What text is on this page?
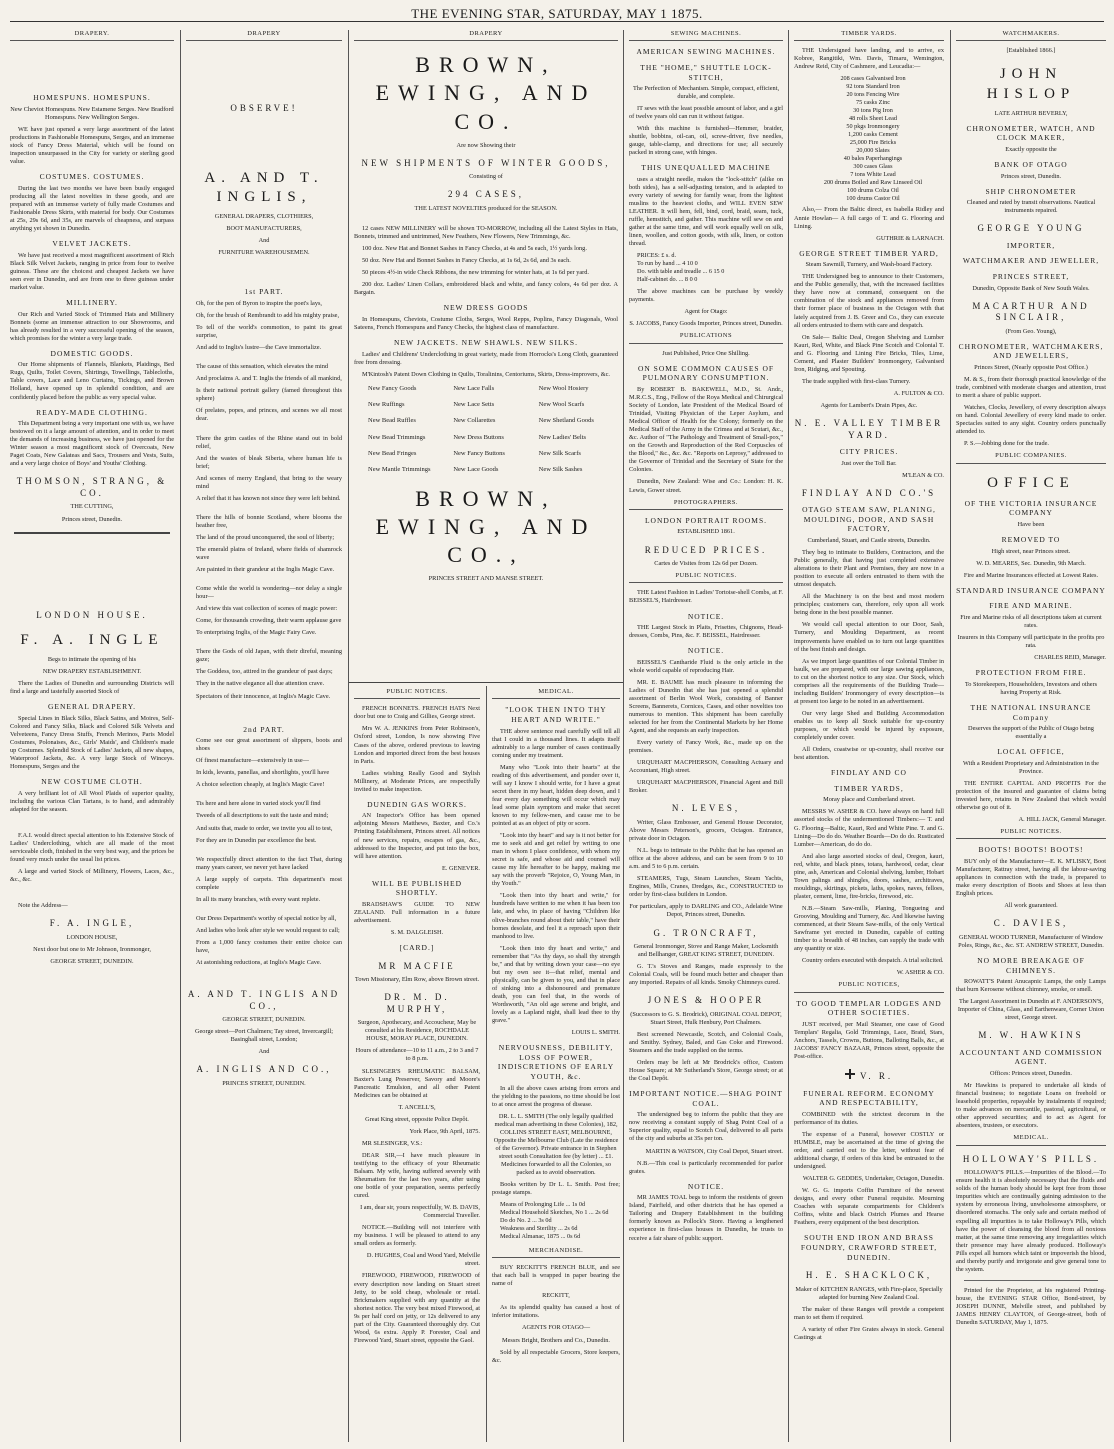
THE EVENING STAR, SATURDAY, MAY 1 1875.
DRAPERY.
HOMESPUNS. HOMESPUNS.

New Cheviot Homespuns. New Estamene Serges. New Bradford Homespuns. New Wellington Serges.

WE have just opened a very large assortment of the latest productions in Fashionable Homespuns, Serges, and an immense stock of Fancy Dress Material, which will be found on inspection unsurpassed in the City for variety or sterling good value.

COSTUMES. COSTUMES.

During the last two months we have been busily engaged producing all the latest novelties in these goods, and are prepared with an immense variety of fully made Costumes and Fashionable Dress Skirts, with material for body. Our Costumes at 25s, 29s 6d, and 35s, are marvels of cheapness, and surpass anything yet shown in Dunedin.

VELVET JACKETS.

We have just received a most magnificent assortment of Rich Black Silk Velvet Jackets, ranging in price from four to twelve guineas. These are the choicest and cheapest Jackets we have seen ever in Dunedin, and are from one to three guineas under market value.

MILLINERY.

Our Rich and Varied Stock of Trimmed Hats and Millinery Bonnets (some an immense attraction to our Showrooms, and has already resulted in a very successful opening of the season, which promises for the winter a very large trade.

DOMESTIC GOODS.

Our Home shipments of Flannels, Blankets, Plaidings, Bed Rugs, Quilts, Toilet Covers, Shirtings, Towellings, Tablecloths, Table covers, Lace and Leno Curtains, Tickings, and Brown Holland, have opened up in splendid condition, and are confidently placed before the public as very special value.

READY-MADE CLOTHING.

This Department being a very important one with us, we have bestowed on it a large amount of attention, and in order to meet the demands of increasing business, we have just opened for the Winter season a most magnificent stock of Overcoats, New Paget Coats, New Galateas and Sacs, Trousers and Vests, Suits, and a very large choice of Boys' and Youths' Clothing.

THOMSON, STRANG, & CO.

THE CUTTING,

Princes street, Dunedin.

LONDON HOUSE.
F. A. INGLE

Begs to intimate the opening of his

NEW DRAPERY ESTABLISHMENT.

There the Ladies of Dunedin and surrounding Districts will find a large and tastefully assorted Stock of

GENERAL DRAPERY.

Special Lines in Black Silks, Black Satins, and Moires, Self-Colored and Fancy Silks, Black and Colored Silk Velvets and Velveteens, Fancy Dress Stuffs, French Merinos, Paris Model Costumes, Polonaises, &c., Girls' Maids', and Children's made up Costumes. Splendid Stock of Ladies' Jackets, all new shapes, Waterproof Jackets, &c. A very large Stock of Winceys. Homespuns, Serges and the

NEW COSTUME CLOTH.

A very brilliant lot of All Wool Plaids of superior quality, including the various Clan Tartans, is to hand, and admirably adapted for the season.

F.A.I. would direct special attention to his Extensive Stock of Ladies' Underclothing, which are all made of the most serviceable cloth, finished in the very best way, and the prices be found very much under the usual list prices.

A large and varied Stock of Millinery, Flowers, Laces, &c., &c., &c.

Note the Address—

F. A. INGLE,

LONDON HOUSE,

Next door but one to Mr Johnson, Ironmonger,

GEORGE STREET, DUNEDIN.

DRAPERY
OBSERVE!
A. AND T. INGLIS,

GENERAL DRAPERS, CLOTHIERS,

BOOT MANUFACTURERS,

And

FURNITURE WAREHOUSEMEN.

1st PART.

Oh, for the pen of Byron to inspire the poet's lays,

Oh, for the brush of Rembrandt to add his mighty praise,

To tell of the world's commotion, to paint its great surprise,

And add to Inglis's lustre—the Cave immortalize.

The cause of this sensation, which elevates the mind

And proclaims A. and T. Inglis the friends of all mankind,

Is their national portrait gallery (famed throughout this sphere)

Of prelates, popes, and princes, and scenes we all most dear.

There the grim castles of the Rhine stand out in bold relief,

And the wastes of bleak Siberia, where human life is brief;

And scenes of merry England, that bring to the weary mind

A relief that it has known not since they were left behind.

There the hills of bonnie Scotland, where blooms the heather free,

The land of the proud unconquered, the soul of liberty;

The emerald plains of Ireland, where fields of shamrock wave

Are painted in their grandeur at the Inglis Magic Cave.

Come while the world is wondering—nor delay a single hour—

And view this vast collection of scenes of magic power:

Come, for thousands crowding, their warm applause gave

To enterprising Inglis, of the Magic Fairy Cave.

There the Gods of old Japan, with their direful, meaning gaze;

The Goddess, too, attired in the grandeur of past days;

They in the native elegance all due attention crave.

Spectators of their innocence, at Inglis's Magic Cave.

2nd PART.

Come see our great assortment of slippers, boots and shoes

Of finest manufacture—extensively in use—

In kids, levants, panellas, and shortlights, you'll have

A choice selection cheaply, at Inglis's Magic Cave!

Tis here and here alone in varied stock you'll find

Tweeds of all descriptions to suit the taste and mind;

And suits that, made to order, we invite you all to test,

For they are in Dunedin par excellence the best.

We respectfully direct attention to the fact That, during many years career, we never yet have lacked

A large supply of carpets. This department's most complete

In all its many branches, with every want replete.

Our Dress Department's worthy of special notice by all,

And ladies who look after style we would request to call;

From a 1,000 fancy costumes their entire choice can have,

At astonishing reductions, at Inglis's Magic Cave.

A. AND T. INGLIS AND CO.,

GEORGE STREET, DUNEDIN.

George street—Port Chalmers; Tay street, Invercargill; Basinghall street, London;

And

A. INGLIS AND CO.,

PRINCES STREET, DUNEDIN.

DRAPERY
BROWN, EWING, AND CO.

Are now Showing their

NEW SHIPMENTS OF WINTER GOODS,

Consisting of

294 CASES,

THE LATEST NOVELTIES produced for the SEASON.

12 cases NEW MILLINERY will be shown TO-MORROW, including all the Latest Styles in Hats, Bonnets, trimmed and untrimmed, New Feathers, New Flowers, New Trimmings, &c.

100 doz. New Hat and Bonnet Sashes in Fancy Checks, at 4s and 5s each, 1½ yards long.

50 doz. New Hat and Bonnet Sashes in Fancy Checks, at 1s 6d, 2s 6d, and 3s each.

50 pieces 4½-in wide Check Ribbons, the new trimming for winter hats, at 1s 6d per yard.

200 doz. Ladies' Linen Collars, embroidered black and white, and fancy colors, 4s 6d per doz. A Bargain.

NEW DRESS GOODS

In Homespuns, Cheviots, Costume Cloths, Serges, Wool Repps, Poplins, Fancy Diagonals, Wool Sateens, French Homespuns and Fancy Checks, the highest class of manufacture.

NEW JACKETS. NEW SHAWLS. NEW SILKS.

Ladies' and Childrens' Underclothing in great variety, made from Horrocks's Long Cloth, guaranteed free from dressing.

M'Kintosh's Patent Down Clothing in Quilts, Toralinins, Centoriums, Skirts, Dress-improvers, &c.

New Fancy Goods	New Lace Falls	New Wool Hosiery
New Ruffings	New Lace Setts	New Wool Scarfs
New Bead Ruffles	New Collarettes	New Shetland Goods
New Bead Trimmings	New Dress Buttons	New Ladies' Belts
New Bead Fringes	New Fancy Buttons	New Silk Scarfs
New Mantle Trimmings	New Lace Goods	New Silk Sashes
BROWN, EWING, AND CO.,

PRINCES STREET AND MANSE STREET.

PUBLIC NOTICES.

FRENCH BONNETS. FRENCH HATS Next door but one to Craig and Gillies, George street.

Mrs W. A. JENKINS from Peter Robinson's, Oxford street, London, Is now showing Five Cases of the above, ordered previous to leaving London and imported direct from the best houses in Paris.

Ladies wishing Really Good and Stylish Millinery, at Moderate Prices, are respectfully invited to make inspection.

DUNEDIN GAS WORKS.

AN Inspector's Office has been opened adjoining Messrs Matthews, Baxter, and Co.'s Printing Establishment, Princes street. All notices of new services, repairs, escapes of gas, &c., addressed to the Inspector, and put into the box, will have attention.

E. GENEVER.

WILL BE PUBLISHED SHORTLY.

BRADSHAW'S GUIDE TO NEW ZEALAND. Full information in a future advertisement.

S. M. DALGLEISH.

[CARD.]
MR MACFIE

Town Missionary, Elm Row, above Brown street.

DR. M. D. MURPHY,

Surgeon, Apothecary, and Accoucheur, May be consulted at his Residence, ROCHDALE HOUSE, MORAY PLACE, DUNEDIN.

Hours of attendance—10 to 11 a.m., 2 to 3 and 7 to 8 p.m.

SLESINGER'S RHEUMATIC BALSAM, Baxter's Lung Preserver, Savory and Moore's Pancreatic Emulsion, and all other Patent Medicines can be obtained at

T. ANCELL'S,

Great King street, opposite Police Depôt.

York Place, 9th April, 1875.

MR SLESINGER, V.S.:

DEAR SIR,—I have much pleasure in testifying to the efficacy of your Rheumatic Balsam. My wife, having suffered severely with Rheumatism for the last two years, after using one bottle of your preparation, seems perfectly cured.

I am, dear sir, yours respectfully, W. B. DAVIS, Commercial Traveller.

NOTICE.—Building will not interfere with my business. I will be pleased to attend to any small orders as formerly.

D. HUGHES, Coal and Wood Yard, Melville street.

FIREWOOD, FIREWOOD, FIREWOOD of every description now landing on Stuart street Jetty, to be sold cheap, wholesale or retail. Brickmakers supplied with any quantity at the shortest notice. The very best mixed Firewood, at 9s per half cord on jetty, or 12s delivered to any part of the City. Guaranteed thoroughly dry. Cut Wood, 6s extra. Apply P. Forester, Coal and Firewood Yard, Stuart street, opposite the Gaol.

MEDICAL.
"LOOK THEN INTO THY HEART AND WRITE."

THE above sentence read carefully will tell all that I could in a thousand lines. It adapts itself admirably to a large number of cases continually coming under my treatment.

Many who "Look into their hearts" at the reading of this advertisement, and ponder over it, will say I know I should write, for I have a great secret there in my heart, hidden deep down, and I fear every day something will occur which may lead some plain symptom and make that secret known to my fellow-men, and cause me to be pointed at as an object of pity or scorn.

"Look into thy heart" and say is it not better for me to seek aid and get relief by writing to one man in whom I place confidence, with whom my secret is safe, and whose aid and counsel will cause my life hereafter to be happy, making me say with the proverb "Rejoice, O, Young Man, in thy Youth."

"Look then into thy heart and write," for hundreds have written to me when it has been too late, and who, in place of having "Children like olive-branches round about their table," have their homes desolate, and feel it a reproach upon their manhood to live.

"Look then into thy heart and write," and remember that "As thy days, so shall thy strength be," and that by writing down your case—no eye but my own see it—that relief, mental and physically, can be given to you, and that in place of sinking into a dishonoured and premature death, you can feel that, in the words of Wordsworth, "An old age serene and bright, and lovely as a Lapland night, shall lead thee to thy grave."

LOUIS L. SMITH.

NERVOUSNESS, DEBILITY, LOSS OF POWER, INDISCRETIONS OF EARLY YOUTH, &c.

In all the above cases arising from errors and the yielding to the passions, no time should be lost to at once arrest the progress of disease.

DR. L. L. SMITH (The only legally qualified medical man advertising in these Colonies), 182, COLLINS STREET EAST, MELBOURNE, Opposite the Melbourne Club (Late the residence of the Governor). Private entrance in in Stephen street south Consultation fee (by letter) ... £1. Medicines forwarded to all the Colonies, so packed as to avoid observation.

Books written by Dr L. L. Smith. Post free; postage stamps.

Means of Prolonging Life ... 1s 0d
Medical Household Sketches, No 1 ... 2s 6d
Do do No. 2 ... 3s 0d
Weakness and Sterility ... 2s 6d
Medical Almanac, 1875 ... 0s 6d
MERCHANDISE.

BUY RECKITT'S FRENCH BLUE, and see that each ball is wrapped in paper bearing the name of

RECKITT,

As its splendid quality has caused a host of inferior imitations.

AGENTS FOR OTAGO—

Messrs Bright, Brothers and Co., Dunedin.

Sold by all respectable Grocers, Store keepers, &c.

SEWING MACHINES.
AMERICAN SEWING MACHINES.
THE "HOME," SHUTTLE LOCK-STITCH,

The Perfection of Mechanism. Simple, compact, efficient, durable, and complete.

IT sews with the least possible amount of labor, and a girl of twelve years old can run it without fatigue.

With this machine is furnished—Hemmer, braider, shuttle, bobbins, oil-can, oil, screw-driver, five needles, gauge, table-clamp, and directions for use; all securely packed in strong case, with hinges.

THIS UNEQUALLED MACHINE

uses a straight needle, makes the "lock-stitch" (alike on both sides), has a self-adjusting tension, and is adapted to every variety of sewing for family wear, from the lightest muslins to the heaviest cloths, and WILL EVEN SEW LEATHER. It will hem, fell, bind, cord, braid, seam, tuck, ruffle, hemstitch, and gather. This machine will sew on and gather at the same time, and will work equally well on silk, linen, woollen, and cotton goods, with silk, linen, or cotton thread.

PRICES: £ s. d.
To run by hand ... 4 10 0
Do. with table and treadle ... 6 15 0
Half-cabinet do. ... 8 0 0

The above machines can be purchase by weekly payments.

Agent for Otago:

S. JACOBS, Fancy Goods Importer, Princes street, Dunedin.

PUBLICATIONS

Just Published, Price One Shilling.

ON SOME COMMON CAUSES OF PULMONARY CONSUMPTION.

By ROBERT B. BAKEWELL, M.D., St. Andr., M.R.C.S., Eng., Fellow of the Roya Medical and Chirurgical Society of London, late President of the Medical Board of Trinidad, Visiting Physician of the Leper Asylum, and Medical Officer of Health for the Colony; formerly on the Medical Staff of the Army in the Crimea and at Scutari, &c., &c. Author of "The Pathology and Treatment of Small-pox," on the Growth and Reproduction of the Red Corpuscles of the Blood," &c., &c. &c. "Reports on Leprosy," addressed to the Governor of Trinidad and the Secretary of State for the Colonies.

Dunedin, New Zealand: Wise and Co.: London: H. K. Lewis, Gower street.

PHOTOGRAPHERS.
LONDON PORTRAIT ROOMS.

ESTABLISHED 1861.

REDUCED PRICES.

Cartes de Visites from 12s 6d per Dozen.

PUBLIC NOTICES.

THE Latest Fashion in Ladies' Tortoise-shell Combs, at F. BEISSEL'S, Hairdresser.

NOTICE.

THE Largest Stock in Plaits, Frisettes, Chignons, Head-dresses, Combs, Pins, &c. F. BEISSEL, Hairdresser.

NOTICE.

BEISSEL'S Cantharide Fluid is the only article in the whole world capable of reproducing Hair.

MR. E. BAUME has much pleasure in informing the Ladies of Dunedin that she has just opened a splendid assortment of Berlin Wool Work, consisting of Banner Screens, Bannerets, Cornices, Cases, and other novelties too numerous to mention. This shipment has been carefully selected for her from the Continental Markets by her Home Agent, and she requests an early inspection.

Every variety of Fancy Work, &c., made up on the premises.

URQUHART MACPHERSON, Consulting Actuary and Accountant, High street.

URQUHART MACPHERSON, Financial Agent and Bill Broker.

N. LEVES,

Writer, Glass Embosser, and General House Decorator, Above Messrs Peterson's, grocers, Octagon. Entrance, private door in Octagon.

N.L. begs to intimate to the Public that he has opened an office at the above address, and can be seen from 9 to 10 a.m. and 5 to 6 p.m. certain.

STEAMERS, Tugs, Steam Launches, Steam Yachts, Engines, Mills, Cranes, Dredges, &c., CONSTRUCTED to order by first-class builders in London.

For particulars, apply to DARLING and CO., Adelaide Wine Depot, Princes street, Dunedin.

G. TRONCRAFT,

General Ironmonger, Stove and Range Maker, Locksmith and Bellhanger, GREAT KING STREET, DUNEDIN.

G. T.'s Stoves and Ranges, made expressly to the Colonial Coals, will be found much better and cheaper than any imported. Repairs of all kinds. Smoky Chimneys cured.

JONES & HOOPER

(Successors to G. S. Brodrick), ORIGINAL COAL DEPOT, Stuart Street, Hulk Henbury, Port Chalmers.

Best screened Newcastle, Scotch, and Colonial Coals, and Smithy. Sydney, Baled, and Gas Coke and Firewood. Steamers and the trade supplied on the terms.

Orders may be left at Mr Brodrick's office, Custom House Square; at Mr Sutherland's Store, George street; or at the Coal Depôt.

IMPORTANT NOTICE.—SHAG POINT COAL.

The undersigned beg to inform the public that they are now receiving a constant supply of Shag Point Coal of a Superior quality, equal to Scotch Coal, delivered to all parts of the city and suburbs at 35s per ton.

MARTIN & WATSON, City Coal Depot, Stuart street.

N.B.—This coal is particularly recommended for parlor grates.

NOTICE.

MR JAMES TOAL begs to inform the residents of green Island, Fairfield, and other districts that he has opened a Tailoring and Drapery Establishment in the building formerly known as Pollock's Store. Having a lengthened experience in first-class houses in Dunedin, he trusts to receive a fair share of public support.

TIMBER YARDS.

THE Undersigned have landing, and to arrive, ex Kobree, Rangitiki, Wm. Davis, Timaru, Wemington, Andrew Reid, City of Cashmere, and Leucadia:—

208 cases Galvanised Iron
92 tons Standard Iron
20 tons Fencing Wire
75 casks Zinc
30 tons Pig Iron
48 rolls Sheet Lead
50 pkgs Ironmongery
1,200 casks Cement
25,000 Fire Bricks
20,000 Slates
40 bales Paperhangings
300 cases Glass
7 tons White Lead
200 drums Boiled and Raw Linseed Oil
100 drums Colza Oil
100 drums Castor Oil

Also,— From the Baltic direct, ex Isabella Ridley and Annie Howlan— A full cargo of T. and G. Flooring and Lining.

GUTHRIE & LARNACH.

GEORGE STREET TIMBER YARD,

Steam Sawmill, Turnery, and Wash-board Factory.

THE Undersigned beg to announce to their Customers, and the Public generally, that, with the increased facilities they have now at command, consequent on the combination of the stock and appliances removed from their former place of business in the Octagon with that lately acquired from J. B. Greer and Co., they can execute all orders entrusted to them with care and despatch.

On Sale— Baltic Deal, Oregon Shelving and Lumber Kauri, Red, White, and Black Pine Scotch and Colonial T. and G. Flooring and Lining Fire Bricks, Tiles, Lime, Cement, and Plaster Builders' Ironmongery, Galvanised Iron, Ridging, and Spouting.

The trade supplied with first-class Turnery.

A. FULTON & CO.

Agents for Lambert's Drain Pipes, &c.

N. E. VALLEY TIMBER YARD.
CITY PRICES.

Just over the Toll Bar.

M'LEAN & CO.

FINDLAY AND CO.'S
OTAGO STEAM SAW, PLANING, MOULDING, DOOR, AND SASH FACTORY,

Cumberland, Stuart, and Castle streets, Dunedin.

They beg to intimate to Builders, Contractors, and the Public generally, that having just completed extensive alterations to their Plant and Premises, they are now in a position to execute all orders entrusted to them with the utmost despatch.

All the Machinery is on the best and most modern principles; customers can, therefore, rely upon all work being done in the best possible manner.

We would call special attention to our Door, Sash, Turnery, and Moulding Department, as recent improvements have enabled us to turn out large quantities of the best finish and design.

As we import large quantities of our Colonial Timber in baulk, we are prepared, with our large sawing appliances, to cut on the shortest notice to any size. Our Stock, which comprises all the requirements of the Building Trade—including Builders' Ironmongery of every description—is at present too large to be noted in an advertisement.

Our very large Shed and Building Accommodation enables us to keep all Stock suitable for up-country purposes, or which would be injured by exposure, completely under cover.

All Orders, coastwise or up-country, shall receive our best attention.

FINDLAY AND CO
TIMBER YARDS,

Moray place and Cumberland street.

MESSRS W. ASHER & CO. have always on hand full assorted stocks of the undermentioned Timbers:— T. and G. Flooring—Baltic, Kauri, Red and White Pine. T. and G. Lining—Do do do. Weather Boards—Do do do. Rusticated Lumber—American, do do do.

And also large assorted stocks of deal, Oregon, kauri, red, white, and black pines, totara, hardwood, cedar, clear pine, ash, American and Colonial shelving, lumber, Hobart Town palings and shingles, doors, sashes, architraves, mouldings, skirtings, pickets, laths, spokes, naves, felloes, plaster, cement, lime, fire-bricks, firewood, etc.

N.B.—Steam Saw-mills, Planing, Tongueing and Grooving, Moulding and Turnery, &c. And likewise having commenced, at their Steam Saw-mills, of the only Vertical Sawframe yet erected in Dunedin, capable of cutting timber to a breadth of 48 inches, can supply the trade with any quantity or size.

Country orders executed with despatch. A trial solicited.

W. ASHER & CO.

PUBLIC NOTICES,
TO GOOD TEMPLAR LODGES AND OTHER SOCIETIES.

JUST received, per Mail Steamer, one case of Good Templars' Regalia, Gold Trimmings, Lace, Braid, Stars, Anchors, Tassels, Crowns, Buttons, Balloting Balls, &c., at JACOBS' FANCY BAZAAR, Princes street, opposite the Post-office.

V. R.
FUNERAL REFORM. ECONOMY AND RESPECTABILITY,

COMBINED with the strictest decorum in the performance of its duties.

The expense of a Funeral, however COSTLY or HUMBLE, may be ascertained at the time of giving the order, and carried out to the letter, without fear of additional charge, if orders of this kind be entrusted to the undersigned.

WALTER G. GEDDES, Undertaker, Octagon, Dunedin.

W. G. G. imports Coffin Furniture of the newest designs, and every other Funeral requisite. Mourning Coaches with separate compartments for Children's Coffins, white and black Ostrich Plumes and Hearse Feathers, every equipment of the best description.

SOUTH END IRON AND BRASS FOUNDRY, CRAWFORD STREET, DUNEDIN.
H. E. SHACKLOCK,

Maker of KITCHEN RANGES, with Fire-place, Specially adapted for burning New Zealand Coal.

The maker of these Ranges will provide a competent man to set them if required.

A variety of other Fire Grates always in stock. General Castings at

WATCHMAKERS.

[Established 1866.]

JOHN HISLOP

LATE ARTHUR BEVERLY,

CHRONOMETER, WATCH, AND CLOCK MAKER,

Exactly opposite the

BANK OF OTAGO

Princes street, Dunedin.

SHIP CHRONOMETER

Cleaned and rated by transit observations. Nautical instruments repaired.

GEORGE YOUNG
IMPORTER,
WATCHMAKER AND JEWELLER,
PRINCES STREET,

Dunedin, Opposite Bank of New South Wales.

MACARTHUR AND SINCLAIR,

(From Geo. Young),

CHRONOMETER, WATCHMAKERS, AND JEWELLERS,

Princes Street, (Nearly opposite Post Office.)

M. & S., from their thorough practical knowledge of the trade, combined with moderate charges and attention, trust to merit a share of public support.

Watches, Clocks, Jewellery, of every description always on hand. Colonial Jewellery of every kind made to order. Spectacles suited to any sight. Country orders punctually attended to.

P. S.—Jobbing done for the trade.

PUBLIC COMPANIES.
OFFICE
OF THE VICTORIA INSURANCE COMPANY

Have been

REMOVED TO

High street, near Princes street.

W. D. MEARES, Sec. Dunedin, 9th March.

Fire and Marine Insurances effected at Lowest Rates.

STANDARD INSURANCE COMPANY
FIRE AND MARINE.

Fire and Marine risks of all descriptions taken at current rates.

Insurers in this Company will participate in the profits pro rata.

CHARLES REID, Manager.

PROTECTION FROM FIRE.

To Storekeepers, Householders, Investors and others having Property at Risk.

THE NATIONAL INSURANCE Company

Deserves the support of the Public of Otago being essentially a

LOCAL OFFICE,

With a Resident Proprietary and Administration in the Province.

THE ENTIRE CAPITAL AND PROFITS For the protection of the insured and guarantee of claims being invested here, retains in New Zealand that which would otherwise go out of it.

A. HILL JACK, General Manager.

PUBLIC NOTICES.
BOOTS! BOOTS! BOOTS!

BUY only of the Manufacturer—E. K. M'LISKY, Boot Manufacturer, Rattray street, having all the labour-saving appliances in connection with the trade, is prepared to make every description of Boots and Shoes at less than English prices.

All work guaranteed.

C. DAVIES,

GENERAL WOOD TURNER, Manufacturer of Window Poles, Rings, &c., &c. ST. ANDREW STREET, Dunedin.

NO MORE BREAKAGE OF CHIMNEYS.

ROWATT'S Patent Anucapnic Lamps, the only Lamps that burn Kerosene without chimney, smoke, or smell.

The Largest Assortment in Dunedin at F. ANDERSON'S, Importer of China, Glass, and Earthenware, Corner Union street, George street.

M. W. HAWKINS
ACCOUNTANT AND COMMISSION AGENT.

Offices: Princes street, Dunedin.

Mr Hawkins is prepared to undertake all kinds of financial business; to negotiate Loans on freehold or leasehold properties, repayable by instalments if required; to make advances on mercantile, pastoral, agricultural, or other approved securities; and to act as Agent for absentees, trustees, or executors.

MEDICAL.
HOLLOWAY'S PILLS.

HOLLOWAY'S PILLS.—Impurities of the Blood.—To ensure health it is absolutely necessary that the fluids and solids of the human body should be kept free from those impurities which are continually gaining admission to the system by erroneous living, unwholesome atmosphere, or disordered stomachs. The only safe and certain method of expelling all impurities is to take Holloway's Pills, which have the power of cleansing the blood from all noxious matter, at the same time removing any irregularities which their presence may have already produced. Holloway's Pills expel all humors which taint or impoverish the blood, and thereby purify and invigorate and give general tone to the system.

Printed for the Proprietor, at his registered Printing-house, the EVENING STAR Office, Bond-street, by JOSEPH DUNNE, Melville street, and published by JAMES HENRY CLAYTON, of George-street, both of Dunedin SATURDAY, May 1, 1875.
